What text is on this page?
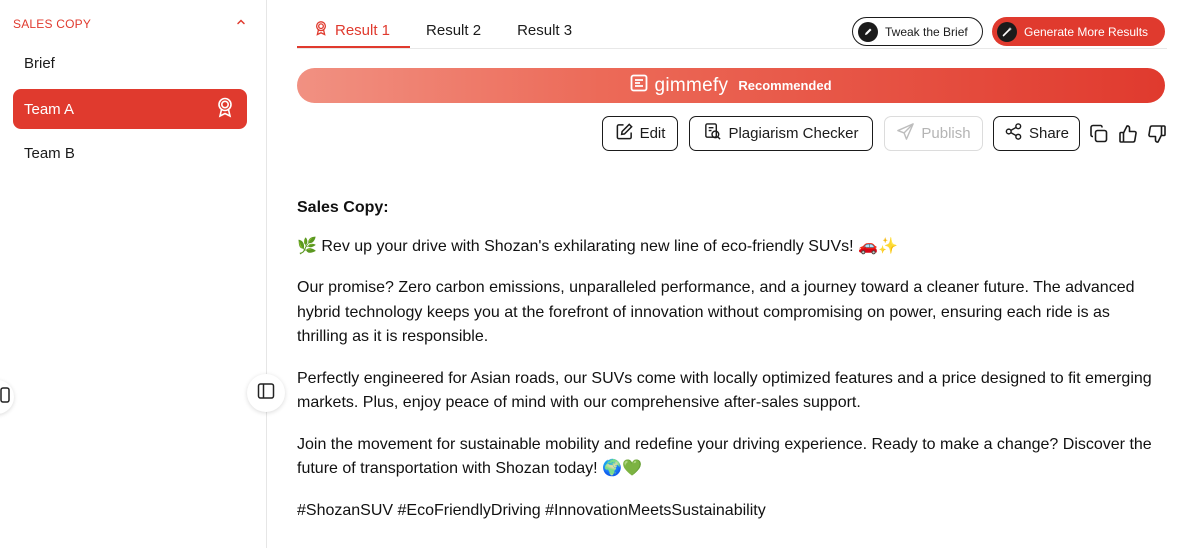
SALES COPY
Brief
Team A
Team B
Result 1 Result 2 Result 3	Tweak the Brief	Generate More Results
gimmefy Recommended
Edit	Plagiarism Checker	Publish	Share

Sales Copy:

🌿 Rev up your drive with Shozan's exhilarating new line of eco-friendly SUVs! 🚗✨

Our promise? Zero carbon emissions, unparalleled performance, and a journey toward a cleaner future. The advanced hybrid technology keeps you at the forefront of innovation without compromising on power, ensuring each ride is as thrilling as it is responsible.

Perfectly engineered for Asian roads, our SUVs come with locally optimized features and a price designed to fit emerging markets. Plus, enjoy peace of mind with our comprehensive after-sales support.

Join the movement for sustainable mobility and redefine your driving experience. Ready to make a change? Discover the future of transportation with Shozan today! 🌍💚

#ShozanSUV #EcoFriendlyDriving #InnovationMeetsSustainability
